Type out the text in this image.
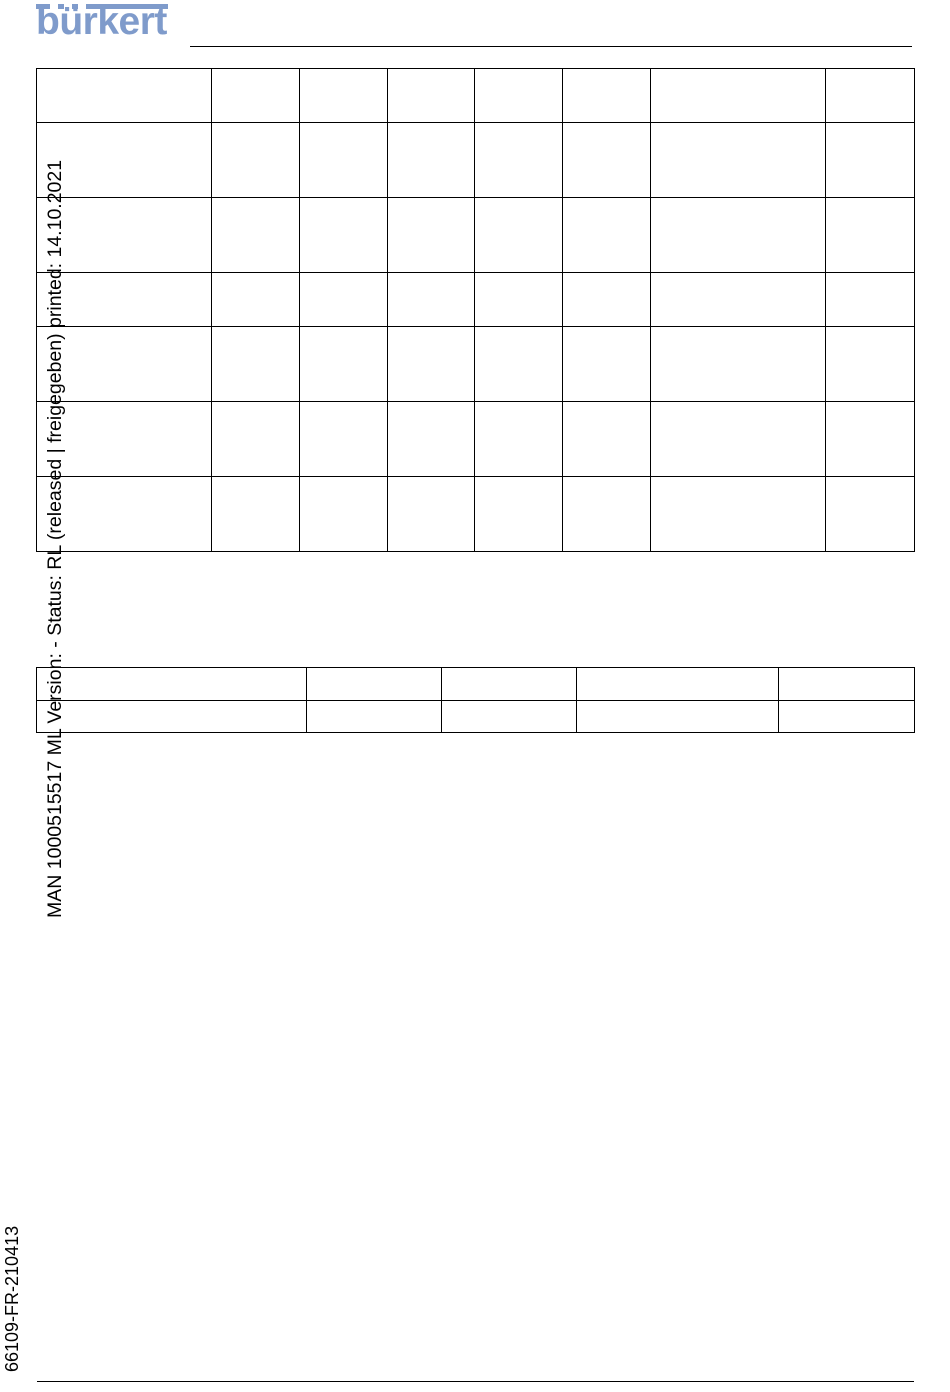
bürkert

MAN 1000515517 ML Version: - Status: RL (released | freigegeben) printed: 14.10.2021
66109-FR-210413
